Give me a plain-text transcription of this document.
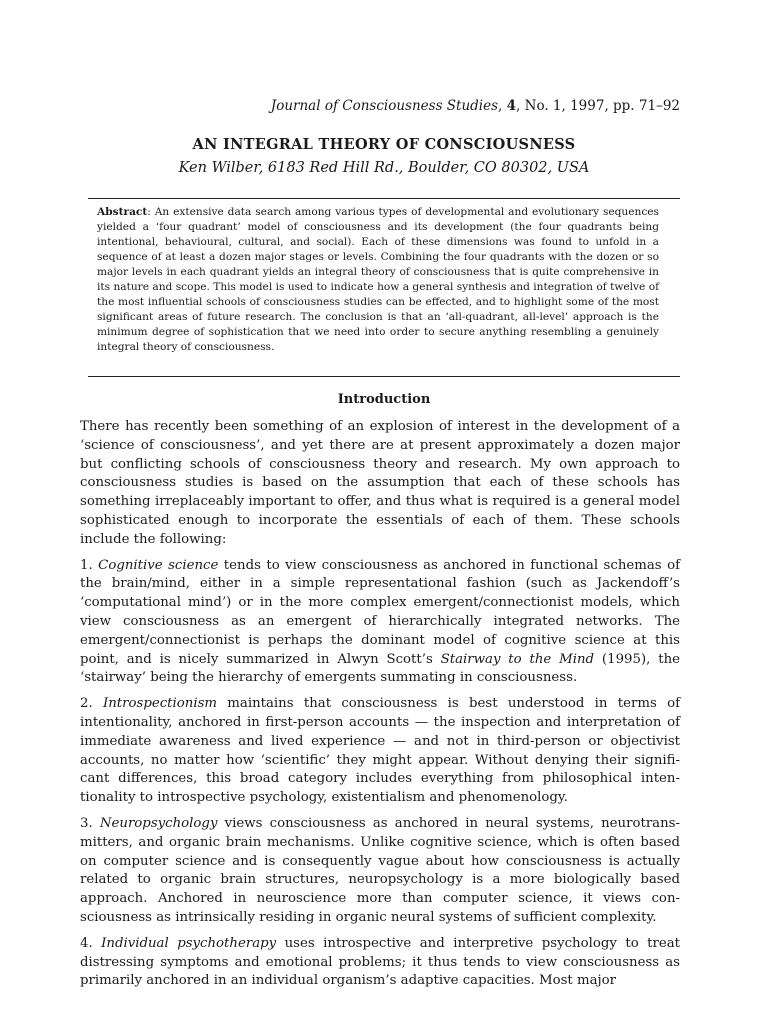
Journal of Consciousness Studies, 4, No. 1, 1997, pp. 71–92
AN INTEGRAL THEORY OF CONSCIOUSNESS
Ken Wilber, 6183 Red Hill Rd., Boulder, CO 80302, USA
Abstract: An extensive data search among various types of developmental and evolutionary sequences yielded a ‘four quadrant’ model of consciousness and its development (the four quadrants being intentional, behavioural, cultural, and social). Each of these dimensions was found to unfold in a sequence of at least a dozen major stages or levels. Combining the four quadrants with the dozen or so major levels in each quadrant yields an integral theory of consciousness that is quite comprehensive in its nature and scope. This model is used to indicate how a general synthesis and integration of twelve of the most influential schools of consciousness studies can be effected, and to highlight some of the most significant areas of future research. The conclusion is that an ‘all-quadrant, all-level’ approach is the minimum degree of sophistication that we need into order to secure anything resembling a genuinely integral theory of consciousness.
Introduction

There has recently been something of an explosion of interest in the development of a ‘science of consciousness’, and yet there are at present approximately a dozen major but conflicting schools of consciousness theory and research. My own approach to consciousness studies is based on the assumption that each of these schools has something irreplaceably important to offer, and thus what is required is a general model sophisticated enough to incorporate the essentials of each of them. These schools include the following:

1. Cognitive science tends to view consciousness as anchored in functional schemas of the brain/mind, either in a simple representational fashion (such as Jackendoff’s ‘computational mind’) or in the more complex emergent/connectionist models, which view consciousness as an emergent of hierarchically integrated networks. The emergent/connectionist is perhaps the dominant model of cognitive science at this point, and is nicely summarized in Alwyn Scott’s Stairway to the Mind (1995), the ‘stairway’ being the hierarchy of emergents summating in consciousness.

2. Introspectionism maintains that consciousness is best understood in terms of intentionality, anchored in first-person accounts — the inspection and interpretation of immediate awareness and lived experience — and not in third-person or objectivist accounts, no matter how ‘scientific’ they might appear. Without denying their signifi-cant differences, this broad category includes everything from philosophical inten-tionality to introspective psychology, existentialism and phenomenology.

3. Neuropsychology views consciousness as anchored in neural systems, neurotrans-mitters, and organic brain mechanisms. Unlike cognitive science, which is often based on computer science and is consequently vague about how consciousness is actually related to organic brain structures, neuropsychology is a more biologically based approach. Anchored in neuroscience more than computer science, it views con-sciousness as intrinsically residing in organic neural systems of sufficient complexity.

4. Individual psychotherapy uses introspective and interpretive psychology to treat distressing symptoms and emotional problems; it thus tends to view consciousness as primarily anchored in an individual organism’s adaptive capacities. Most major
